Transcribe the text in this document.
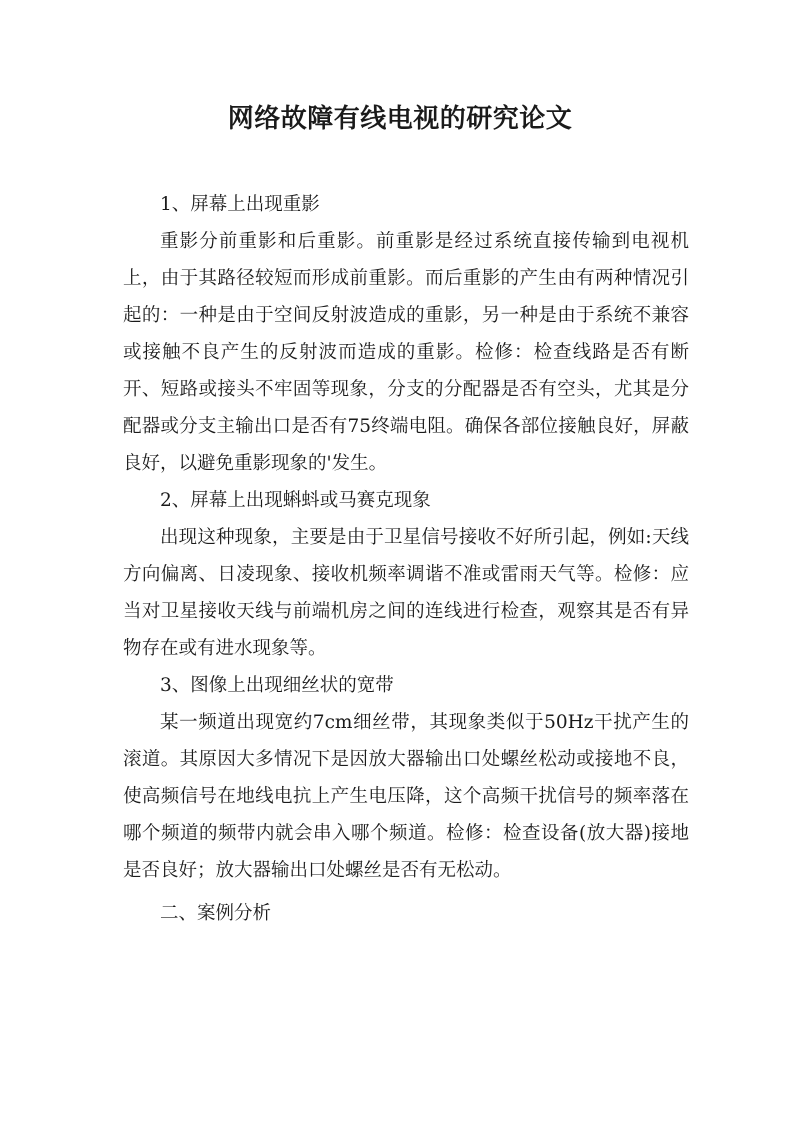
网络故障有线电视的研究论文

1、屏幕上出现重影

重影分前重影和后重影。前重影是经过系统直接传输到电视机上，由于其路径较短而形成前重影。而后重影的产生由有两种情况引起的：一种是由于空间反射波造成的重影，另一种是由于系统不兼容或接触不良产生的反射波而造成的重影。检修：检查线路是否有断开、短路或接头不牢固等现象，分支的分配器是否有空头，尤其是分配器或分支主输出口是否有75终端电阻。确保各部位接触良好，屏蔽良好，以避免重影现象的'发生。

2、屏幕上出现蝌蚪或马赛克现象

出现这种现象，主要是由于卫星信号接收不好所引起，例如:天线方向偏离、日凌现象、接收机频率调谐不准或雷雨天气等。检修：应当对卫星接收天线与前端机房之间的连线进行检查，观察其是否有异物存在或有进水现象等。

3、图像上出现细丝状的宽带

某一频道出现宽约7cm细丝带，其现象类似于50Hz干扰产生的滚道。其原因大多情况下是因放大器输出口处螺丝松动或接地不良，使高频信号在地线电抗上产生电压降，这个高频干扰信号的频率落在哪个频道的频带内就会串入哪个频道。检修：检查设备(放大器)接地是否良好；放大器输出口处螺丝是否有无松动。

二、案例分析
